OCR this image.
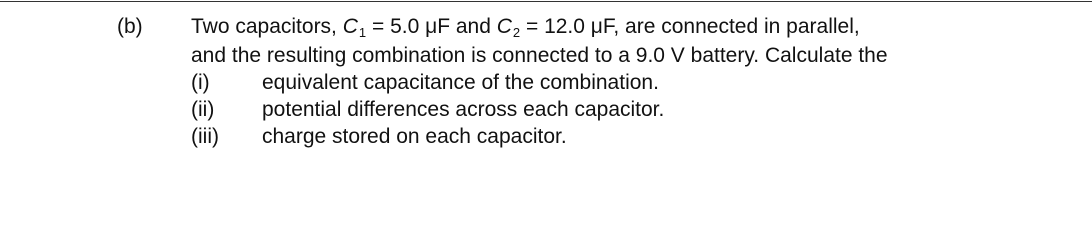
(b) Two capacitors, C1 = 5.0 μF and C2 = 12.0 μF, are connected in parallel,
and the resulting combination is connected to a 9.0 V battery. Calculate the
(i) equivalent capacitance of the combination.
(ii) potential differences across each capacitor.
(iii) charge stored on each capacitor.
